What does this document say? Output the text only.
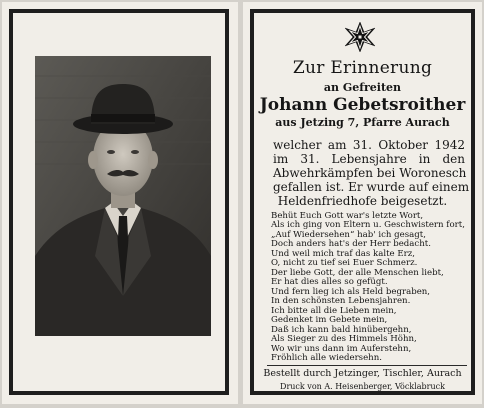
Zur Erinnerung
an Gefreiten
Johann Gebetsroither
aus Jetzing 7, Pfarre Aurach
welcher am 31. Oktober 1942
im 31. Lebensjahre in den
Abwehrkämpfen bei Woronesch
gefallen ist. Er wurde auf einem
Heldenfriedhofe beigesetzt.
Behüt Euch Gott war's letzte Wort,
Als ich ging von Eltern u. Geschwistern fort,
„Auf Wiedersehen“ hab' ich gesagt,
Doch anders hat's der Herr bedacht.
Und weil mich traf das kalte Erz,
O, nicht zu tief sei Euer Schmerz.
Der liebe Gott, der alle Menschen liebt,
Er hat dies alles so gefügt.
Und fern lieg ich als Held begraben,
In den schönsten Lebensjahren.
Ich bitte all die Lieben mein,
Gedenket im Gebete mein,
Daß ich kann bald hinübergehn,
Als Sieger zu des Himmels Höhn,
Wo wir uns dann im Auferstehn,
Fröhlich alle wiedersehn.
Bestellt durch Jetzinger, Tischler, Aurach
Druck von A. Heisenberger, Vöcklabruck
